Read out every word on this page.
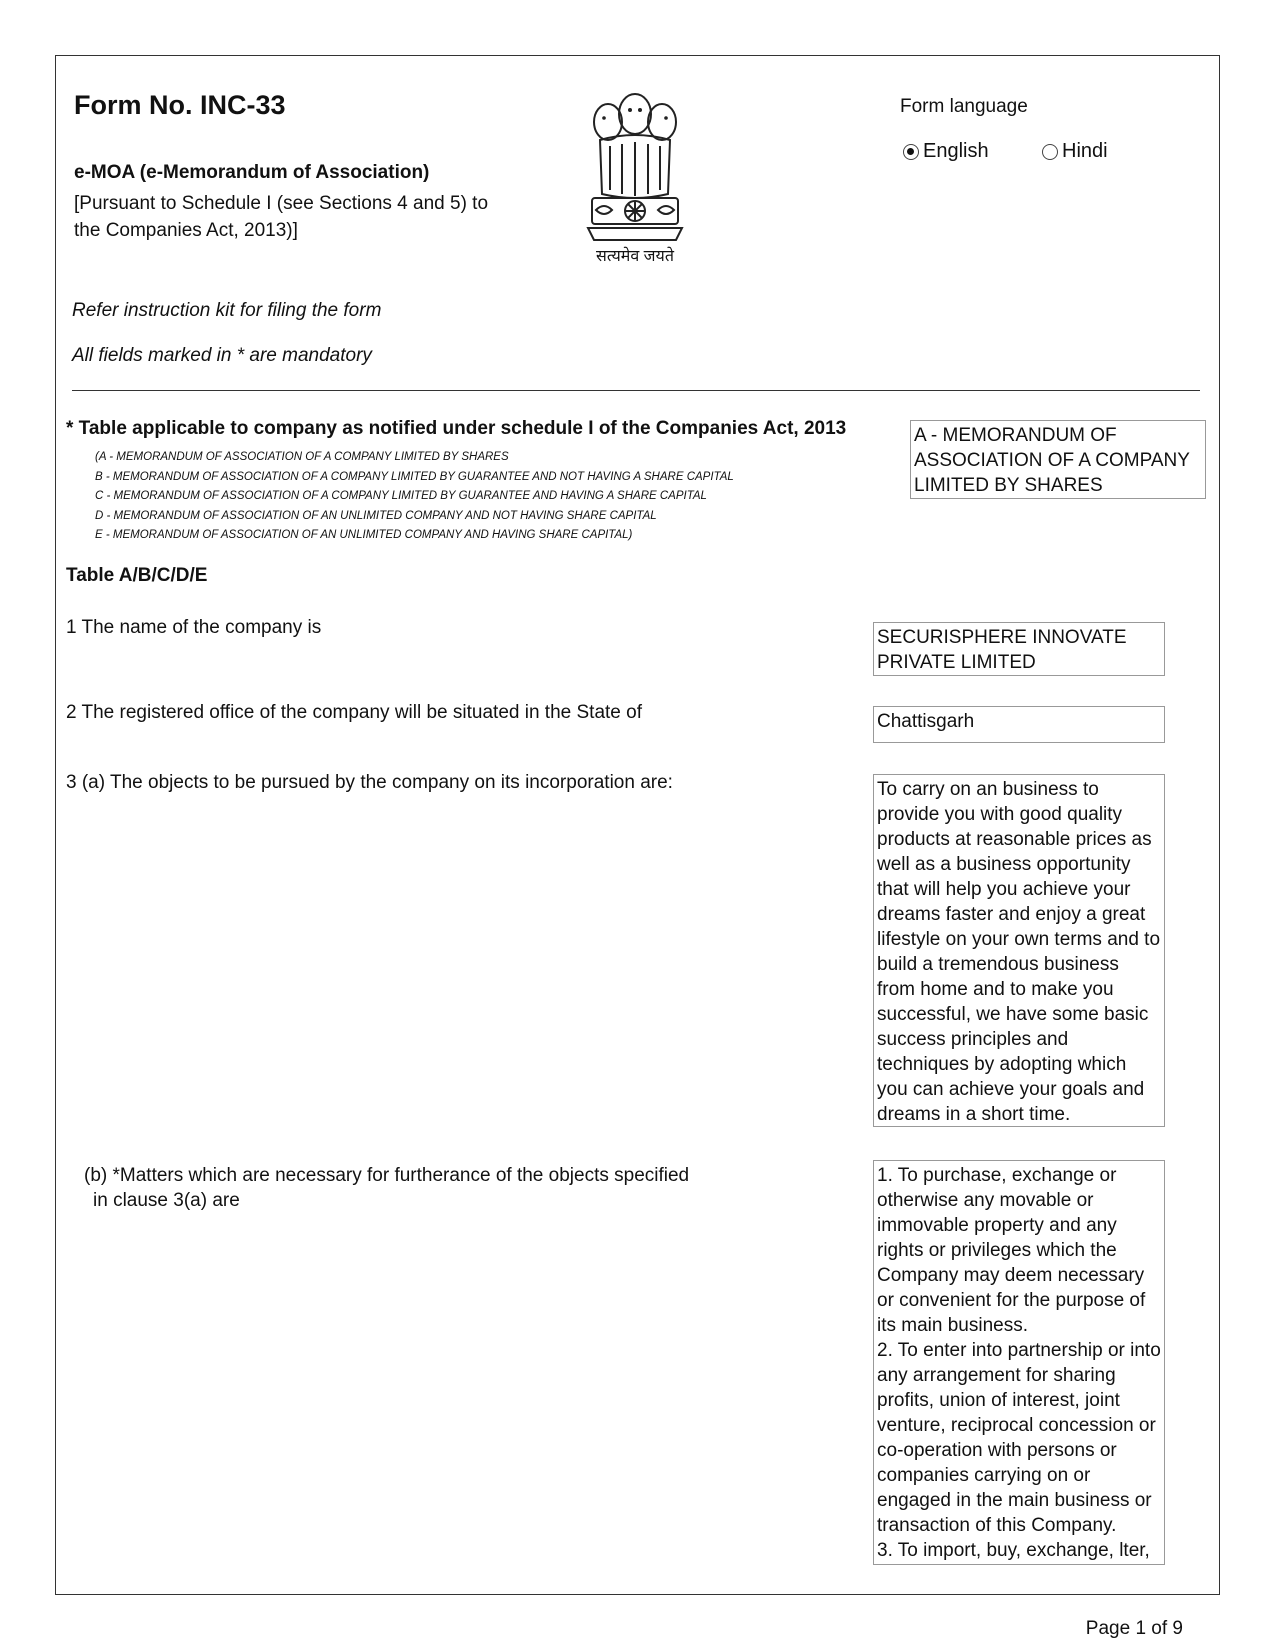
Form No. INC-33
e-MOA (e-Memorandum of Association)
[Pursuant to Schedule I (see Sections 4 and 5) to the Companies Act, 2013)]
सत्यमेव जयते
Form language
English	Hindi
Refer instruction kit for filing the form
All fields marked in * are mandatory
* Table applicable to company as notified under schedule I of the Companies Act, 2013
(A - MEMORANDUM OF ASSOCIATION OF A COMPANY LIMITED BY SHARES
B - MEMORANDUM OF ASSOCIATION OF A COMPANY LIMITED BY GUARANTEE AND NOT HAVING A SHARE CAPITAL
C - MEMORANDUM OF ASSOCIATION OF A COMPANY LIMITED BY GUARANTEE AND HAVING A SHARE CAPITAL
D - MEMORANDUM OF ASSOCIATION OF AN UNLIMITED COMPANY AND NOT HAVING SHARE CAPITAL
E - MEMORANDUM OF ASSOCIATION OF AN UNLIMITED COMPANY AND HAVING SHARE CAPITAL)
A - MEMORANDUM OF ASSOCIATION OF A COMPANY LIMITED BY SHARES
Table A/B/C/D/E
1 The name of the company is	SECURISPHERE INNOVATE PRIVATE LIMITED
2 The registered office of the company will be situated in the State of	Chattisgarh
3 (a) The objects to be pursued by the company on its incorporation are:	To carry on an business to provide you with good quality products at reasonable prices as well as a business opportunity that will help you achieve your dreams faster and enjoy a great lifestyle on your own terms and to build a tremendous business from home and to make you successful, we have some basic success principles and techniques by adopting which you can achieve your goals and dreams in a short time.
(b) *Matters which are necessary for furtherance of the objects specified
in clause 3(a) are
1. To purchase, exchange or otherwise any movable or immovable property and any rights or privileges which the Company may deem necessary or convenient for the purpose of its main business.
2. To enter into partnership or into any arrangement for sharing profits, union of interest, joint venture, reciprocal concession or co-operation with persons or companies carrying on or engaged in the main business or transaction of this Company.
3. To import, buy, exchange, lter,
Page 1 of 9
